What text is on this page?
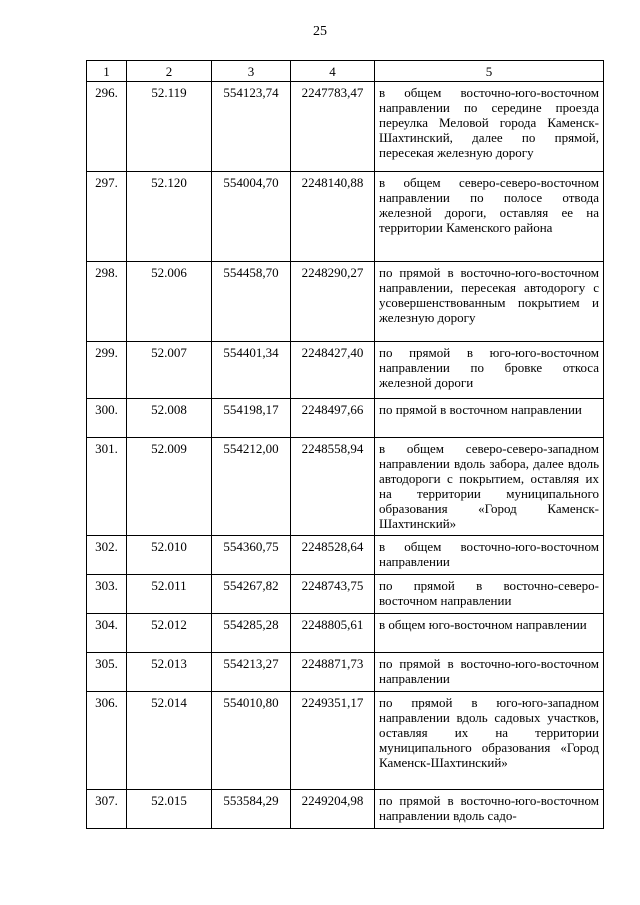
25
1	2	3	4	5
296.	52.119	554123,74	2247783,47	в общем восточно-юго-восточном направлении по середине проезда переулка Меловой города Каменск-Шахтинский, далее по прямой, пересекая железную дорогу
297.	52.120	554004,70	2248140,88	в общем северо-северо-восточном направлении по полосе отвода железной дороги, оставляя ее на территории Каменского района
298.	52.006	554458,70	2248290,27	по прямой в восточно-юго-восточном направлении, пересекая автодорогу с усовершенствованным покрытием и железную дорогу
299.	52.007	554401,34	2248427,40	по прямой в юго-юго-восточном направлении по бровке откоса железной дороги
300.	52.008	554198,17	2248497,66	по прямой в восточном направлении
301.	52.009	554212,00	2248558,94	в общем северо-северо-западном направлении вдоль забора, далее вдоль автодороги с покрытием, оставляя их на территории муниципального образования «Город Каменск-Шахтинский»
302.	52.010	554360,75	2248528,64	в общем восточно-юго-восточном направлении
303.	52.011	554267,82	2248743,75	по прямой в восточно-северо-восточном направлении
304.	52.012	554285,28	2248805,61	в общем юго-восточном направлении
305.	52.013	554213,27	2248871,73	по прямой в восточно-юго-восточном направлении
306.	52.014	554010,80	2249351,17	по прямой в юго-юго-западном направлении вдоль садовых участков, оставляя их на территории муниципального образования «Город Каменск-Шахтинский»
307.	52.015	553584,29	2249204,98	по прямой в восточно-юго-восточном направлении вдоль садо-
